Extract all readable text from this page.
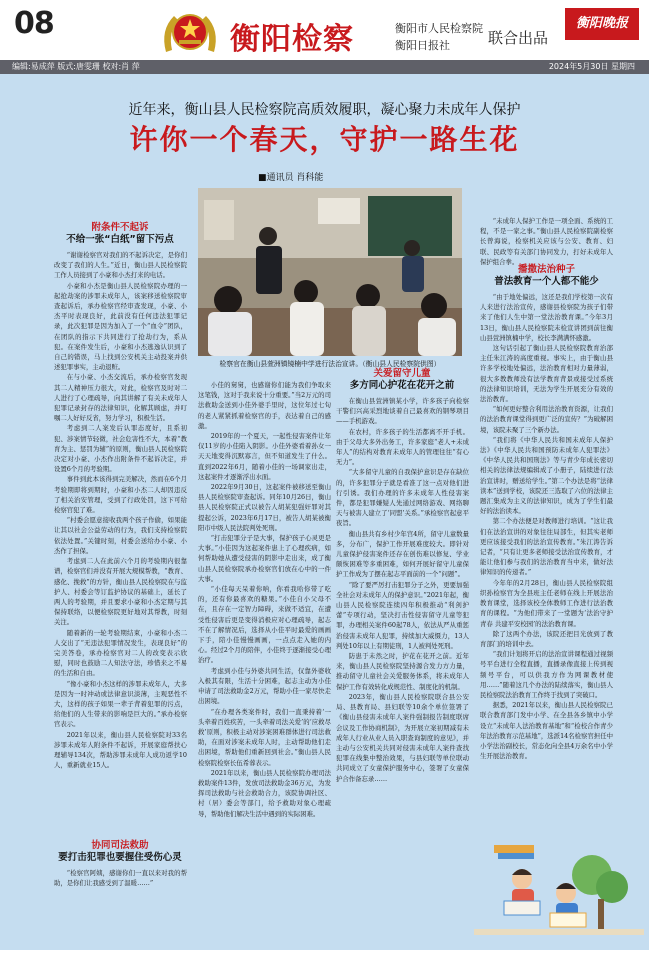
08	衡阳检察	衡阳市人民检察院
衡阳日报社	联合出品
衡阳晚报
编辑:易成萍 版式:唐雯珊 校对:肖 萍	2024年5月30日 星期四
近年来，衡山县人民检察院高质效履职，凝心聚力未成年人保护
许你一个春天，守护一路生花
■通讯员 肖科能
附条件不起诉
不给一张“白纸”留下污点

“谢谢检察官对我们的不起诉决定，是你们改变了我们的人生。”近日，衡山县人民检察院工作人员接到了小豪和小杰打来的电话。

小豪和小杰是衡山县人民检察院办理的一起抢劫案的涉罪未成年人，该案移送检察院审查起诉后，承办检察官经审查发现，小豪、小杰平时表现良好，此前没有任何违法犯罪记录，此次犯罪是因为加入了一个“血令”团队，在团队的指示下共同进行了抢劫行为，系从犯。在案件发生后，小豪和小杰逃逸认识到了自己的错误，马上找到公安机关主动投案并供述犯罪事实，主动退赃。

在与小豪、小杰交流后，承办检察官发现其二人精神压力很大，对此，检察官及时对二人进行了心理疏导，向其讲解了有关未成年人犯罪记录封存的法律知识，化解其顾虑，并叮嘱二人好好反省，努力学习，积极生活。

考虑到二人案发后认罪态度好，且系初犯、涉案情节轻微，社会危害性不大，本着“教育为主、惩罚为辅”的原则，衡山县人民检察院决定对小豪、小杰作出附条件不起诉决定，并设置6个月的考验期。

事件到此本该得到完美解决，然而在6个月考验期即将到期时，小豪和小杰二人却因违反了相关治安管理，受到了行政处罚，这下可给检察官犯了难。

“村委会愿意接收我两个孩子作偷，如果能让其以社会公益劳动的行为，我们支持检察院依法处置。”关键时刻，村委会送给办小豪、小杰作了担保。

考虑到二人在此前六个月的考验期内很靠谱，检察官们并没有开展大规模帮教，“教育、感化、挽救”的方针，衡山县人民检察院在与监护人、村委会等订监护协议的基础上，延长了两人的考验期，并且要求小豪和小杰定期与其保持联络，以便检察院更好地对其帮教，时刻关注。

随着新的一轮考验期结束，小豪和小杰二人交出了“无违法犯罪情况发生，表现良好”的完美答卷，承办检察官对二人的改变表示欣慰，同时也鼓励二人知法守法，珍惜来之不易的生活和自由。

“像小豪和小杰这样的涉罪未成年人，大多是因为一时冲动或法律意识淡薄，主观恶性不大，这样的孩子如果一辈子背着犯罪的污点，给他们的人生带来的影响是巨大的。”承办检察官表示。

2021年以来，衡山县人民检察院对33名涉罪未成年人附条件不起诉，开展家庭帮扶心理辅导134次，帮助涉罪未成年人成功返学10人，重新就业15人。

协同司法救助
要打击犯罪也要握住受伤心灵

“检察官阿姨，感谢你们一直以来对我的帮助，是你们让我感受到了温暖……”

检察官在衡山县萱洲镇镜楠中学进行法治宣讲。（衡山县人民检察院供图）

小佳的舅舅，也感谢你们能为我们争取来这笔钱，这对于我来说十分重要。”当2万元的司法救助金送到小佳外婆手里时，这位年过七旬的老人紧紧抓着检察官的手，表达着自己的感激。

2019年的一个夏天，一起性侵害案件让年仅11岁的小佳陷入阴影。小佳外婆看着孙女一天天地变得沉默寡言，但不知道发生了什么。直到2022年6月，随着小佳的一场调家出走，这起案件才逐渐浮出水面。

2022年9月30日，这起案件被移送至衡山县人民检察院审查起诉。同年10月26日，衡山县人民检察院正式以被告人胡某犯强奸罪对其提起公诉，2023年6月17日，被告人胡某被衡阳市中级人民法院判处死刑。

“打击犯罪分子是大事，保护孩子心灵更是大事。”小佳因为这起案件患上了心理疾病，如何帮助她从遭受侵害的阴影中走出来，成了衡山县人民检察院承办检察官们放在心中的一件大事。

“小佳每天呆着你呐，你看我哈你带了吃的，还有你最喜欢的糖果。”小佳自小父母不在，且存在一定智力障碍，来做不适宜，在遭受性侵害后更是变得消极应对心理疏导，起志不在了解情况后，选择从小佳平时最爱的画画下手，陪小佳慢慢画画，一点点走入她的内心。经过2个月的陪伴，小佳终于逐渐接受心理治疗。

考虑到小佳与外婆共同生活，仅靠外婆收入极其有限，生活十分困难，起志主动为小佳申请了司法救助金2万元，帮助小佳一家尽快走出困境。

“在办理各类案件时，我们一直秉持着‘一头牵着百姓疾苦，一头牵着司法关爱’的‘应救尽救’原则，积极主动对涉案困难群体进行司法救助，在面对涉案未成年人时，主动帮助他们走出困境，帮助他们重新回到社会。”衡山县人民检察院检察长伍希蓉表示。

2021年以来，衡山县人民检察院办理司法救助案件13件，发放司法救助金36万元，为发挥司法救助与社会救助合力，该院协调社区、村（居）委会等部门，给予救助对象心理疏导，帮助他们解决生活中遇到的实际困难。

关爱留守儿童
多方同心护花在花开之前

在衡山县萱洲镇某小学，许多孩子向检察干警们兴高采烈地谈着自己最喜欢的钢琴项目——手机游戏。

在农村，许多孩子的生活都离不开手机。由于父母大多外出务工，许多家庭“老人+未成年人”的结构对教育未成年人的管理往往“有心无力”。

“大多留守儿童的自我保护意识是存在缺位的，许多犯罪分子就是看准了这一点对他们进行引诱。我们办理的许多未成年人性侵害案件，都是犯罪嫌疑人先通过网络游戏、网络聊天与被害人建立了‘同盟’关系。”承检察官起意平夜旨。

衡山县共有乡村少年宫4所，留守儿童数量多，分布广，保护工作开展难度较大。即针对儿童保护侵害案件还存在创伤难以修复、学业颇恢困难等多重困难，如何开展好留守儿童保护工作成为了摆在起志平面前的一个“问题”。

“除了要严厉打击犯罪分子之外，更要加强全社会对未成年人的保护意识。”2021年起，衡山县人民检察院连续四年积极推动“利剑护蕾”专项行动，坚决打击性侵害留守儿童等犯罪，办理相关案件60起78人，依法从严从重惩治侵害未成年人犯罪，持续加大威慑力，13人判处10年以上有期徒刑，1人被判处死刑。

防患于未然之时，护花在花开之前。近年来，衡山县人民检察院坚持源合发力方力量，推动留守儿童社会关爱服务体系，将未成年人保护工作有效转化成规范性、制度化的机制。

2023年，衡山县人民检察院联合县公安局、县教育局、县妇联等10余个单位签署了《衡山县侵害未成年人案件强制报告制度联席会议及工作协商机制》，为开展立案初期减有未成年人行业从业人员入职查询制度的意见》，并主动与公安机关共同对侵害未成年人案件查找犯罪在线集中整治效果，与县妇联等单位联动共同成立了女童保护服务中心，签署了女童保护合作备忘录……

“未成年人保护工作是一项全面、系统的工程，不是一家之事。”衡山县人民检察院副检察长曾海说，检察机关应该与公安、教育、妇联、民政等有关部门协同发力，打好未成年人保护组合拳。

播撒法治种子
普法教育一个人都不能少

“由于地处偏远，这还是我们学校第一次有人来进行法治宣传，感谢县检察院为孩子们带来了他们人生中第一堂法治教育课。”今年3月13日，衡山县人民检察院未检宣讲团到前往衡山县萱洲镇楠中学，校长李满满怀感激。

这句话引起了衡山县人民检察院教育治部主任朱江涛的高度重视。事实上，由于衡山县许多学校地处偏远，法治教育相对力量薄弱，很大多教教师没有法学教育背景或接受过系统的法律知识培训，无法为学生开展充分有效的法治教育。

“如何更好整合利用法治教育资源，让我们的法治教育课堂得到更广泛的宣传？”为破解困境，该院未聚了三个新办法。

“我们将《中华人民共和国未成年人保护法》《中华人民共和国预防未成年人犯罪法》《中华人民共和国刑法》等与青少年成长密切相关的法律法规编辑成了小册子，陆续进行法治宣讲时，赠送给学生。”第二个办法是将“法律读本”送到学校，该院还三选取了六位的法律主题汇集成为主义的法律知识，成为了学生们最好的法治读本。

第二个办法便是对教师进行培训。“这让我们在法治宣讲的对象往往局部生，但其实老师更应该接受我们的法治宣传教育。”朱江涛告诉记者，“只有让更多老师接受法治宣传教育，才能让他们参与我们的法治教育当中来，做好法律知识的传递者。”

今年年的2月28日，衡山县人民检察院组织孙检察官为全县班主任老师在线上开展法治教育课堂，选择该校全体教师工作进行法治教育的课程。“为他们带来了一堂题为‘法治守护青春 共建平安校园’的法治教育课。

除了这两个办法，该院还把目光放到了教育部门的培训中去。

“我们计划将开启的法治宣讲课程通过视频号平台进行全程直播，直播录像直接上传到视频号平台，可以供我方作为网课教材使用……”随着这几个办法的陆续落实，衡山县人民检察院法治教育工作终于找到了突破口。

据悉，2021年以来，衡山县人民检察院已联合教育部门发中小学、在全县各乡镇中小学设立“未成年人法治教育基地”和“检校合作青少年法治教育示范基地”，选派14名检察官担任中小学法治副校长，常态化向全县4万余名中小学生开展法治教育。
